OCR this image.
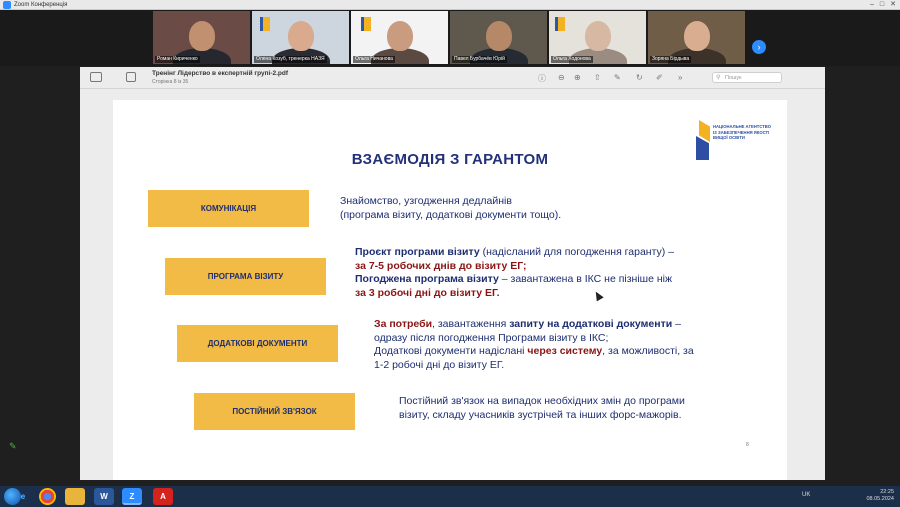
Zoom Конференція	– □ ✕
Роман Кириченко	Олена Козуб, тренерка НАЗЯ	Ольга Ничанова	Павел Бурбачёв Юрій	Ольга Ходонова	Зоряна Бірдыва
›
Тренінг Лідерство в експертній групі-2.pdf
Сторінка 8 із 35	ⓘ ⊖ ⊕ ⇧ ✎ ↻ ✐ »	⚲ Пошук
НАЦІОНАЛЬНЕ АГЕНТСТВО ІЗ ЗАБЕЗПЕЧЕННЯ ЯКОСТІ ВИЩОЇ ОСВІТИ
ВЗАЄМОДІЯ З ГАРАНТОМ
КОМУНІКАЦІЯ
Знайомство, узгодження дедлайнів
(програма візиту, додаткові документи тощо).
ПРОГРАМА ВІЗИТУ
Проєкт програми візиту (надісланий для погодження гаранту) –
за 7-5 робочих днів до візиту ЕГ;
Погоджена програма візиту – завантажена в ІКС не пізніше ніж
за 3 робочі дні до візиту ЕГ.
ДОДАТКОВІ ДОКУМЕНТИ
За потреби, завантаження запиту на додаткові документи –
одразу після погодження Програми візиту в ІКС;
Додаткові документи надіслані через систему, за можливості, за
1-2 робочі дні до візиту ЕГ.
ПОСТІЙНИЙ ЗВ'ЯЗОК
Постійний зв'язок на випадок необхідних змін до програми
візиту, складу учасників зустрічей та інших форс-мажорів.
8
✎
e	W	Z	A	UK	22:25
08.05.2024
